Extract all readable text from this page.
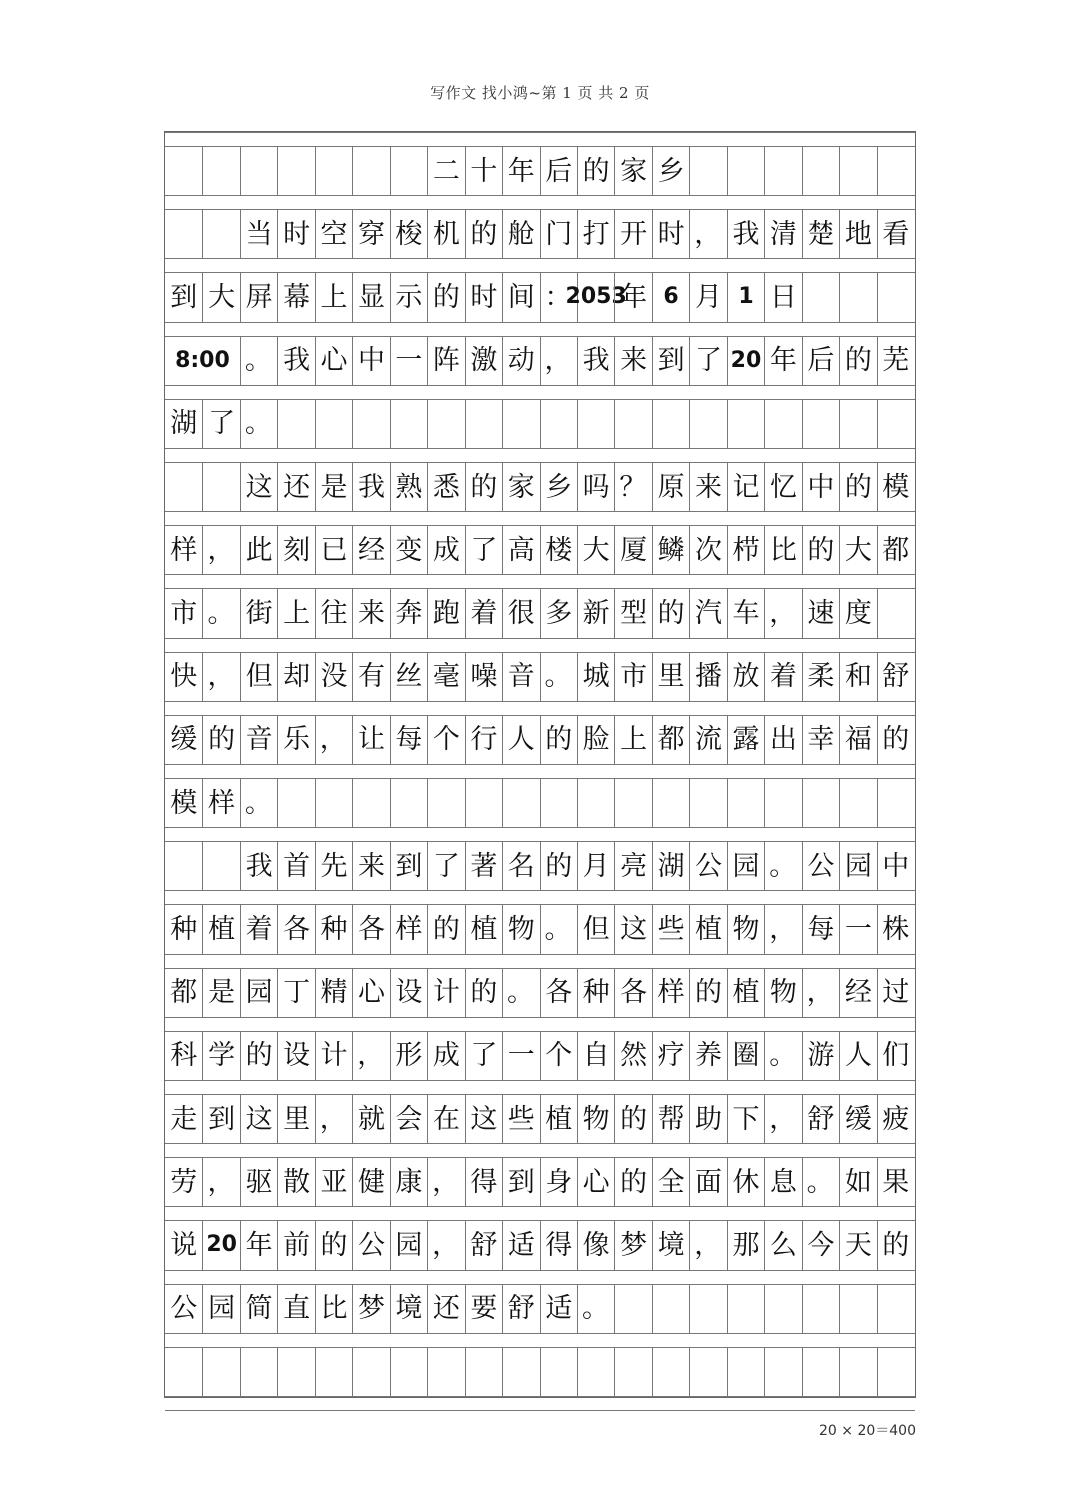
写作文 找小鸿~第 1 页 共 2 页
二 十 年 后 的 家 乡
当 时 空 穿 梭 机 的 舱 门 打 开 时 ， 我 清 楚 地 看
到 大 屏 幕 上 显 示 的 时 间 ：
2053
年 6 月 1 日
8:00 。 我 心 中 一 阵 激 动 ， 我 来 到 了 20 年 后 的 芜
湖 了 。
这 还 是 我 熟 悉 的 家 乡 吗 ？ 原 来 记 忆 中 的 模
样 ， 此 刻 已 经 变 成 了 高 楼 大 厦 鳞 次 栉 比 的 大 都
市 。 街 上 往 来 奔 跑 着 很 多 新 型 的 汽 车 ， 速 度
快 ， 但 却 没 有 丝 毫 噪 音 。 城 市 里 播 放 着 柔 和 舒
缓 的 音 乐 ， 让 每 个 行 人 的 脸 上 都 流 露 出 幸 福 的
模 样 。
我 首 先 来 到 了 著 名 的 月 亮 湖 公 园 。 公 园 中
种 植 着 各 种 各 样 的 植 物 。 但 这 些 植 物 ， 每 一 株
都 是 园 丁 精 心 设 计 的 。 各 种 各 样 的 植 物 ， 经 过
科 学 的 设 计 ， 形 成 了 一 个 自 然 疗 养 圈 。 游 人 们
走 到 这 里 ， 就 会 在 这 些 植 物 的 帮 助 下 ， 舒 缓 疲
劳 ， 驱 散 亚 健 康 ， 得 到 身 心 的 全 面 休 息 。 如 果
说 20 年 前 的 公 园 ， 舒 适 得 像 梦 境 ， 那 么 今 天 的
公 园 简 直 比 梦 境 还 要 舒 适 。
20 × 20＝400
